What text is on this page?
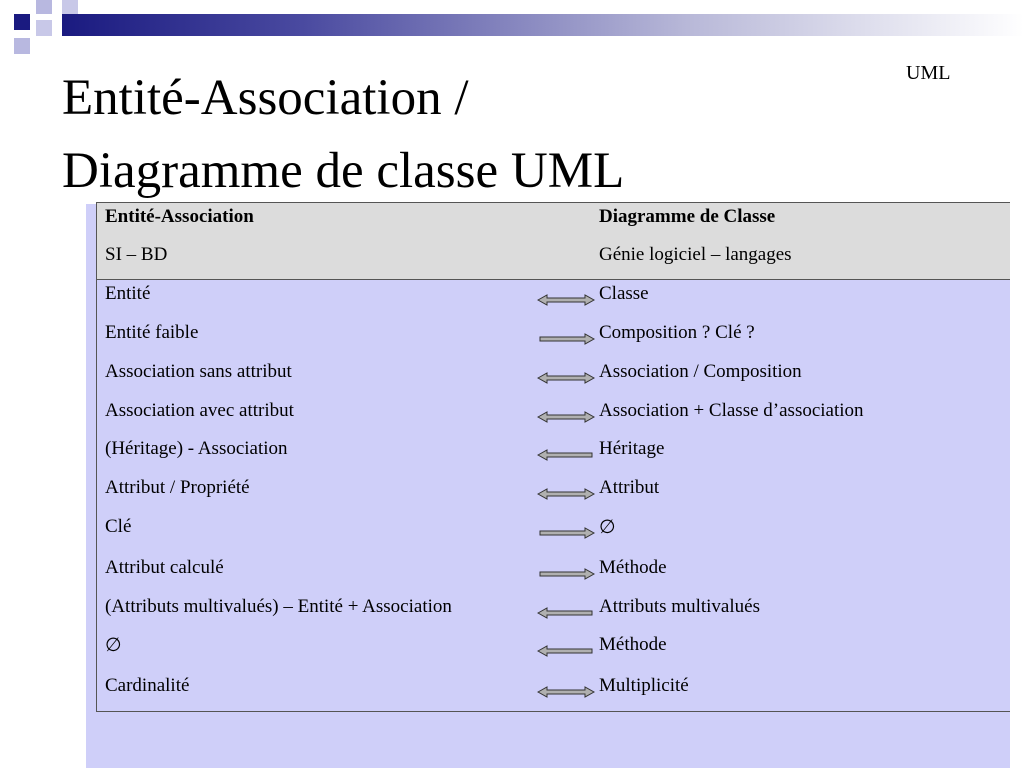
UML
Entité-Association /
Diagramme de classe UML
Entité-Association	Diagramme de Classe
SI – BD	Génie logiciel – langages
Entité	Classe
Entité faible	Composition ? Clé ?
Association sans attribut	Association / Composition
Association avec attribut	Association + Classe d’association
(Héritage) - Association	Héritage
Attribut / Propriété	Attribut
Clé	∅
Attribut calculé	Méthode
(Attributs multivalués) – Entité + Association	Attributs multivalués
∅	Méthode
Cardinalité	Multiplicité
